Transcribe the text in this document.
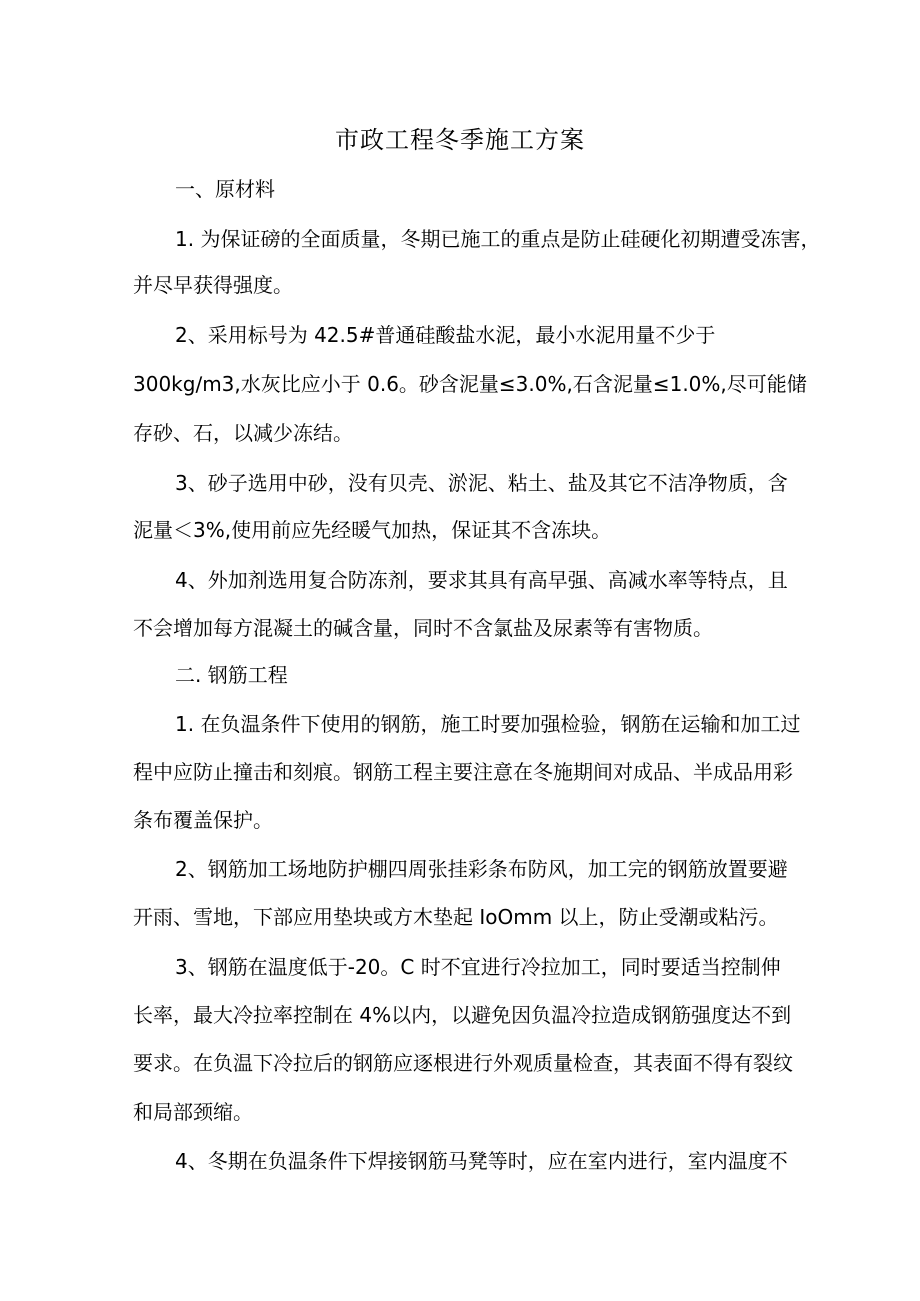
市政工程冬季施工方案
一、原材料
1. 为保证磅的全面质量，冬期已施工的重点是防止硅硬化初期遭受冻害，
并尽早获得强度。
2、采用标号为 42.5#普通硅酸盐水泥，最小水泥用量不少于
300kg∕m3,水灰比应小于 0.6。砂含泥量≤3.0%,石含泥量≤1.0%,尽可能储
存砂、石，以减少冻结。
3、砂子选用中砂，没有贝壳、淤泥、粘土、盐及其它不洁净物质，含
泥量＜3%,使用前应先经暖气加热，保证其不含冻块。
4、外加剂选用复合防冻剂，要求其具有高早强、高减水率等特点，且
不会增加每方混凝土的碱含量，同时不含氯盐及尿素等有害物质。
二. 钢筋工程
1. 在负温条件下使用的钢筋，施工时要加强检验，钢筋在运输和加工过
程中应防止撞击和刻痕。钢筋工程主要注意在冬施期间对成品、半成品用彩
条布覆盖保护。
2、钢筋加工场地防护棚四周张挂彩条布防风，加工完的钢筋放置要避
开雨、雪地，下部应用垫块或方木垫起 IoOmm 以上，防止受潮或粘污。
3、钢筋在温度低于-20。C 时不宜进行冷拉加工，同时要适当控制伸
长率，最大冷拉率控制在 4%以内，以避免因负温冷拉造成钢筋强度达不到
要求。在负温下冷拉后的钢筋应逐根进行外观质量检查，其表面不得有裂纹
和局部颈缩。
4、冬期在负温条件下焊接钢筋马凳等时，应在室内进行，室内温度不
